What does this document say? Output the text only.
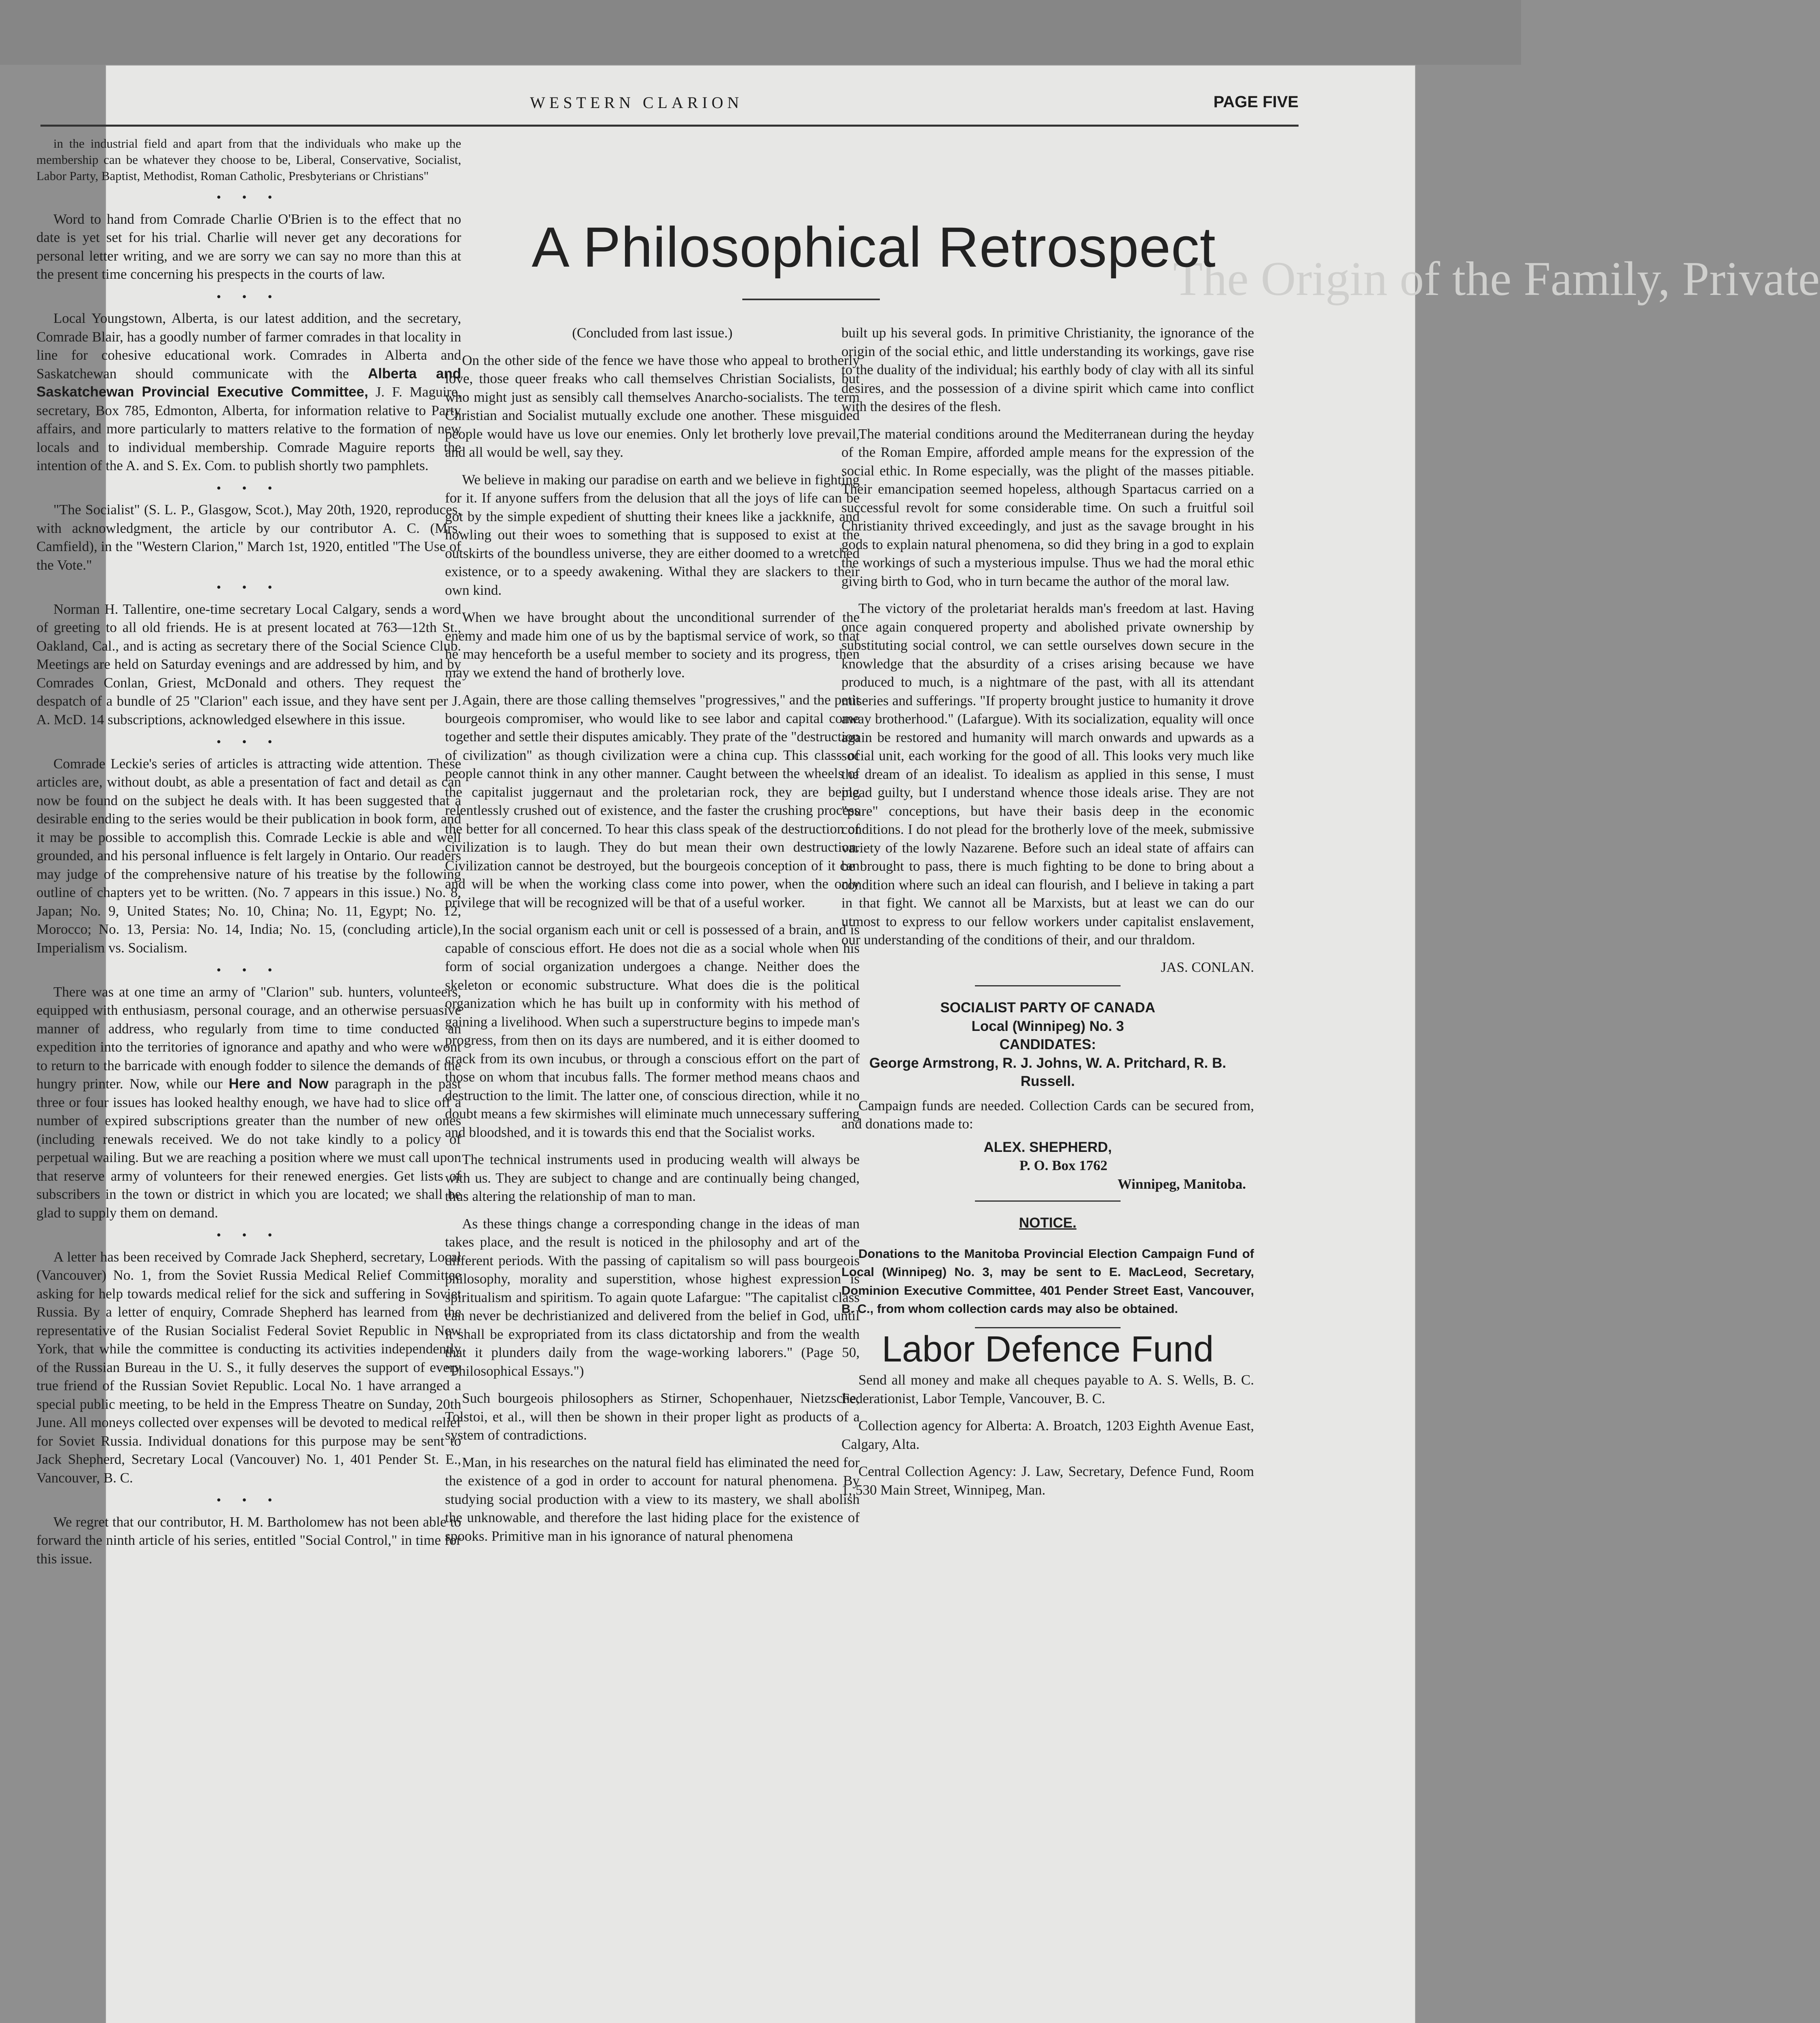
WESTERN CLARION	PAGE FIVE
The Origin of the Family, Private
A Philosophical Retrospect

in the industrial field and apart from that the individuals who make up the membership can be whatever they choose to be, Liberal, Conservative, Socialist, Labor Party, Baptist, Methodist, Roman Catholic, Presbyterians or Christians"

• • •

Word to hand from Comrade Charlie O'Brien is to the effect that no date is yet set for his trial. Charlie will never get any decorations for personal letter writing, and we are sorry we can say no more than this at the present time concerning his prespects in the courts of law.

• • •

Local Youngstown, Alberta, is our latest addition, and the secretary, Comrade Blair, has a goodly number of farmer comrades in that locality in line for cohesive educational work. Comrades in Alberta and Saskatchewan should communicate with the Alberta and Saskatchewan Provincial Executive Committee, J. F. Maguire, secretary, Box 785, Edmonton, Alberta, for information relative to Party affairs, and more particularly to matters relative to the formation of new locals and to individual membership. Comrade Maguire reports the intention of the A. and S. Ex. Com. to publish shortly two pamphlets.

• • •

"The Socialist" (S. L. P., Glasgow, Scot.), May 20th, 1920, reproduces, with acknowledgment, the article by our contributor A. C. (Mrs. Camfield), in the "Western Clarion," March 1st, 1920, entitled "The Use of the Vote."

• • •

Norman H. Tallentire, one-time secretary Local Calgary, sends a word of greeting to all old friends. He is at present located at 763—12th St., Oakland, Cal., and is acting as secretary there of the Social Science Club. Meetings are held on Saturday evenings and are addressed by him, and by Comrades Conlan, Griest, McDonald and others. They request the despatch of a bundle of 25 "Clarion" each issue, and they have sent per J. A. McD. 14 subscriptions, acknowledged elsewhere in this issue.

• • •

Comrade Leckie's series of articles is attracting wide attention. These articles are, without doubt, as able a presentation of fact and detail as can now be found on the subject he deals with. It has been suggested that a desirable ending to the series would be their publication in book form, and it may be possible to accomplish this. Comrade Leckie is able and well grounded, and his personal influence is felt largely in Ontario. Our readers may judge of the comprehensive nature of his treatise by the following outline of chapters yet to be written. (No. 7 appears in this issue.) No. 8, Japan; No. 9, United States; No. 10, China; No. 11, Egypt; No. 12, Morocco; No. 13, Persia: No. 14, India; No. 15, (concluding article), Imperialism vs. Socialism.

• • •

There was at one time an army of "Clarion" sub. hunters, volunteers, equipped with enthusiasm, personal courage, and an otherwise persuasive manner of address, who regularly from time to time conducted an expedition into the territories of ignorance and apathy and who were wont to return to the barricade with enough fodder to silence the demands of the hungry printer. Now, while our Here and Now paragraph in the past three or four issues has looked healthy enough, we have had to slice off a number of expired subscriptions greater than the number of new ones (including renewals received. We do not take kindly to a policy of perpetual wailing. But we are reaching a position where we must call upon that reserve army of volunteers for their renewed energies. Get lists of subscribers in the town or district in which you are located; we shall be glad to supply them on demand.

• • •

A letter has been received by Comrade Jack Shepherd, secretary, Local (Vancouver) No. 1, from the Soviet Russia Medical Relief Committee asking for help towards medical relief for the sick and suffering in Soviet Russia. By a letter of enquiry, Comrade Shepherd has learned from the representative of the Rusian Socialist Federal Soviet Republic in New York, that while the committee is conducting its activities independently of the Russian Bureau in the U. S., it fully deserves the support of every true friend of the Russian Soviet Republic. Local No. 1 have arranged a special public meeting, to be held in the Empress Theatre on Sunday, 20th June. All moneys collected over expenses will be devoted to medical relief for Soviet Russia. Individual donations for this purpose may be sent to Jack Shepherd, Secretary Local (Vancouver) No. 1, 401 Pender St. E., Vancouver, B. C.

• • •

We regret that our contributor, H. M. Bartholomew has not been able to forward the ninth article of his series, entitled "Social Control," in time for this issue.

(Concluded from last issue.)

On the other side of the fence we have those who appeal to brotherly love, those queer freaks who call themselves Christian Socialists, but who might just as sensibly call themselves Anarcho-socialists. The term Christian and Socialist mutually exclude one another. These misguided people would have us love our enemies. Only let brotherly love prevail, and all would be well, say they.

We believe in making our paradise on earth and we believe in fighting for it. If anyone suffers from the delusion that all the joys of life can be got by the simple expedient of shutting their knees like a jackknife, and howling out their woes to something that is supposed to exist at the outskirts of the boundless universe, they are either doomed to a wretched existence, or to a speedy awakening. Withal they are slackers to their own kind.

When we have brought about the unconditional surrender of the enemy and made him one of us by the baptismal service of work, so that he may henceforth be a useful member to society and its progress, then may we extend the hand of brotherly love.

Again, there are those calling themselves "progressives," and the petit bourgeois compromiser, who would like to see labor and capital come together and settle their disputes amicably. They prate of the "destruction of civilization" as though civilization were a china cup. This class of people cannot think in any other manner. Caught between the wheels of the capitalist juggernaut and the proletarian rock, they are being relentlessly crushed out of existence, and the faster the crushing process the better for all concerned. To hear this class speak of the destruction of civilization is to laugh. They do but mean their own destruction. Civilization cannot be destroyed, but the bourgeois conception of it can and will be when the working class come into power, when the only privilege that will be recognized will be that of a useful worker.

In the social organism each unit or cell is possessed of a brain, and is capable of conscious effort. He does not die as a social whole when his form of social organization undergoes a change. Neither does the skeleton or economic substructure. What does die is the political organization which he has built up in conformity with his method of gaining a livelihood. When such a superstructure begins to impede man's progress, from then on its days are numbered, and it is either doomed to crack from its own incubus, or through a conscious effort on the part of those on whom that incubus falls. The former method means chaos and destruction to the limit. The latter one, of conscious direction, while it no doubt means a few skirmishes will eliminate much unnecessary suffering and bloodshed, and it is towards this end that the Socialist works.

The technical instruments used in producing wealth will always be with us. They are subject to change and are continually being changed, thus altering the relationship of man to man.

As these things change a corresponding change in the ideas of man takes place, and the result is noticed in the philosophy and art of the different periods. With the passing of capitalism so will pass bourgeois philosophy, morality and superstition, whose highest expression is spiritualism and spiritism. To again quote Lafargue: "The capitalist class can never be dechristianized and delivered from the belief in God, until it shall be expropriated from its class dictatorship and from the wealth that it plunders daily from the wage-working laborers." (Page 50, "Philosophical Essays.")

Such bourgeois philosophers as Stirner, Schopenhauer, Nietzsche, Tolstoi, et al., will then be shown in their proper light as products of a system of contradictions.

Man, in his researches on the natural field has eliminated the need for the existence of a god in order to account for natural phenomena. By studying social production with a view to its mastery, we shall abolish the unknowable, and therefore the last hiding place for the existence of spooks. Primitive man in his ignorance of natural phenomena

built up his several gods. In primitive Christianity, the ignorance of the origin of the social ethic, and little understanding its workings, gave rise to the duality of the individual; his earthly body of clay with all its sinful desires, and the possession of a divine spirit which came into conflict with the desires of the flesh.

The material conditions around the Mediterranean during the heyday of the Roman Empire, afforded ample means for the expression of the social ethic. In Rome especially, was the plight of the masses pitiable. Their emancipation seemed hopeless, although Spartacus carried on a successful revolt for some considerable time. On such a fruitful soil Christianity thrived exceedingly, and just as the savage brought in his gods to explain natural phenomena, so did they bring in a god to explain the workings of such a mysterious impulse. Thus we had the moral ethic giving birth to God, who in turn became the author of the moral law.

The victory of the proletariat heralds man's freedom at last. Having once again conquered property and abolished private ownership by substituting social control, we can settle ourselves down secure in the knowledge that the absurdity of a crises arising because we have produced to much, is a nightmare of the past, with all its attendant miseries and sufferings. "If property brought justice to humanity it drove away brotherhood." (Lafargue). With its socialization, equality will once again be restored and humanity will march onwards and upwards as a social unit, each working for the good of all. This looks very much like the dream of an idealist. To idealism as applied in this sense, I must plead guilty, but I understand whence those ideals arise. They are not "pure" conceptions, but have their basis deep in the economic conditions. I do not plead for the brotherly love of the meek, submissive variety of the lowly Nazarene. Before such an ideal state of affairs can be brought to pass, there is much fighting to be done to bring about a condition where such an ideal can flourish, and I believe in taking a part in that fight. We cannot all be Marxists, but at least we can do our utmost to express to our fellow workers under capitalist enslavement, our understanding of the conditions of their, and our thraldom.

JAS. CONLAN.

SOCIALIST PARTY OF CANADA
Local (Winnipeg) No. 3
CANDIDATES:
George Armstrong, R. J. Johns, W. A. Pritchard, R. B. Russell.

Campaign funds are needed. Collection Cards can be secured from, and donations made to:

ALEX. SHEPHERD,
P. O. Box 1762
Winnipeg, Manitoba.
NOTICE.

Donations to the Manitoba Provincial Election Campaign Fund of Local (Winnipeg) No. 3, may be sent to E. MacLeod, Secretary, Dominion Executive Committee, 401 Pender Street East, Vancouver, B. C., from whom collection cards may also be obtained.

Labor Defence Fund

Send all money and make all cheques payable to A. S. Wells, B. C. Federationist, Labor Temple, Vancouver, B. C.

Collection agency for Alberta: A. Broatch, 1203 Eighth Avenue East, Calgary, Alta.

Central Collection Agency: J. Law, Secretary, Defence Fund, Room 1, 530 Main Street, Winnipeg, Man.
